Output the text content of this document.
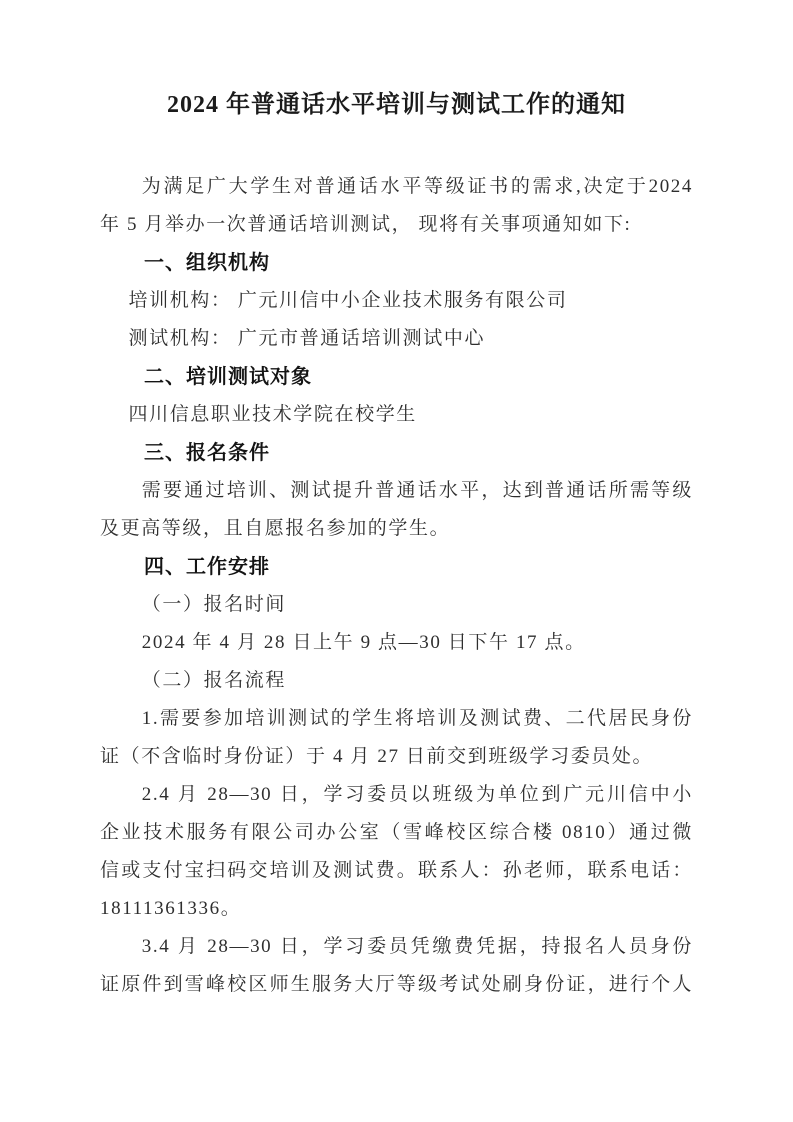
2024 年普通话水平培训与测试工作的通知
为满足广大学生对普通话水平等级证书的需求,决定于2024
年 5 月举办一次普通话培训测试， 现将有关事项通知如下:
一、组织机构
培训机构： 广元川信中小企业技术服务有限公司
测试机构： 广元市普通话培训测试中心
二、培训测试对象
四川信息职业技术学院在校学生
三、报名条件
需要通过培训、测试提升普通话水平，达到普通话所需等级
及更高等级，且自愿报名参加的学生。
四、工作安排
（一）报名时间
2024 年 4 月 28 日上午 9 点—30 日下午 17 点。
（二）报名流程
1.需要参加培训测试的学生将培训及测试费、二代居民身份
证（不含临时身份证）于 4 月 27 日前交到班级学习委员处。
2.4 月 28—30 日，学习委员以班级为单位到广元川信中小
企业技术服务有限公司办公室（雪峰校区综合楼 0810）通过微
信或支付宝扫码交培训及测试费。联系人：孙老师，联系电话：
18111361336。
3.4 月 28—30 日，学习委员凭缴费凭据，持报名人员身份
证原件到雪峰校区师生服务大厅等级考试处刷身份证，进行个人
